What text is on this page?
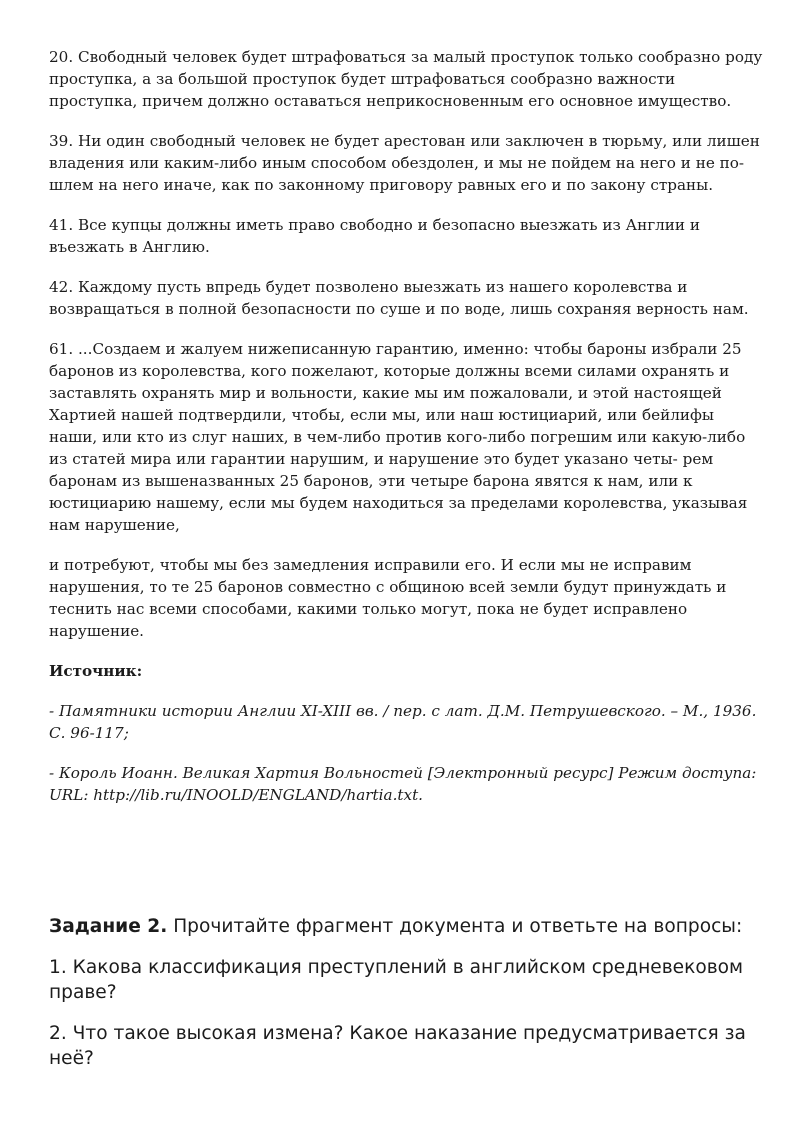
20. Свободный человек будет штрафоваться за малый проступок только сообразно роду проступка, а за большой проступок будет штрафоваться сообразно важности проступка, причем должно оставаться неприкосновенным его основное имущество.

39. Ни один свободный человек не будет арестован или заключен в тюрьму, или лишен владения или каким-либо иным способом обездолен, и мы не пойдем на него и не по- шлем на него иначе, как по законному приговору равных его и по закону страны.

41. Все купцы должны иметь право свободно и безопасно выезжать из Англии и въезжать в Англию.

42. Каждому пусть впредь будет позволено выезжать из нашего королевства и возвращаться в полной безопасности по суше и по воде, лишь сохраняя верность нам.

61. ...Создаем и жалуем нижеписанную гарантию, именно: чтобы бароны избрали 25 баронов из королевства, кого пожелают, которые должны всеми силами охранять и заставлять охранять мир и вольности, какие мы им пожаловали, и этой настоящей Хартией нашей подтвердили, чтобы, если мы, или наш юстициарий, или бейлифы наши, или кто из слуг наших, в чем-либо против кого-либо погрешим или какую-либо из статей мира или гарантии нарушим, и нарушение это будет указано четы- рем баронам из вышеназванных 25 баронов, эти четыре барона явятся к нам, или к юстициарию нашему, если мы будем находиться за пределами королевства, указывая нам нарушение,

и потребуют, чтобы мы без замедления исправили его. И если мы не исправим нарушения, то те 25 баронов совместно с общиною всей земли будут принуждать и теснить нас всеми способами, какими только могут, пока не будет исправлено нарушение.

Источник:

- Памятники истории Англии XI-XIII вв. / пер. с лат. Д.М. Петрушевского. – М., 1936. С. 96-117;

- Король Иоанн. Великая Хартия Вольностей [Электронный ресурс] Режим доступа: URL: http://lib.ru/INOOLD/ENGLAND/hartia.txt.

Задание 2. Прочитайте фрагмент документа и ответьте на вопросы:

1. Какова классификация преступлений в английском средневековом праве?

2. Что такое высокая измена? Какое наказание предусматривается за неё?
